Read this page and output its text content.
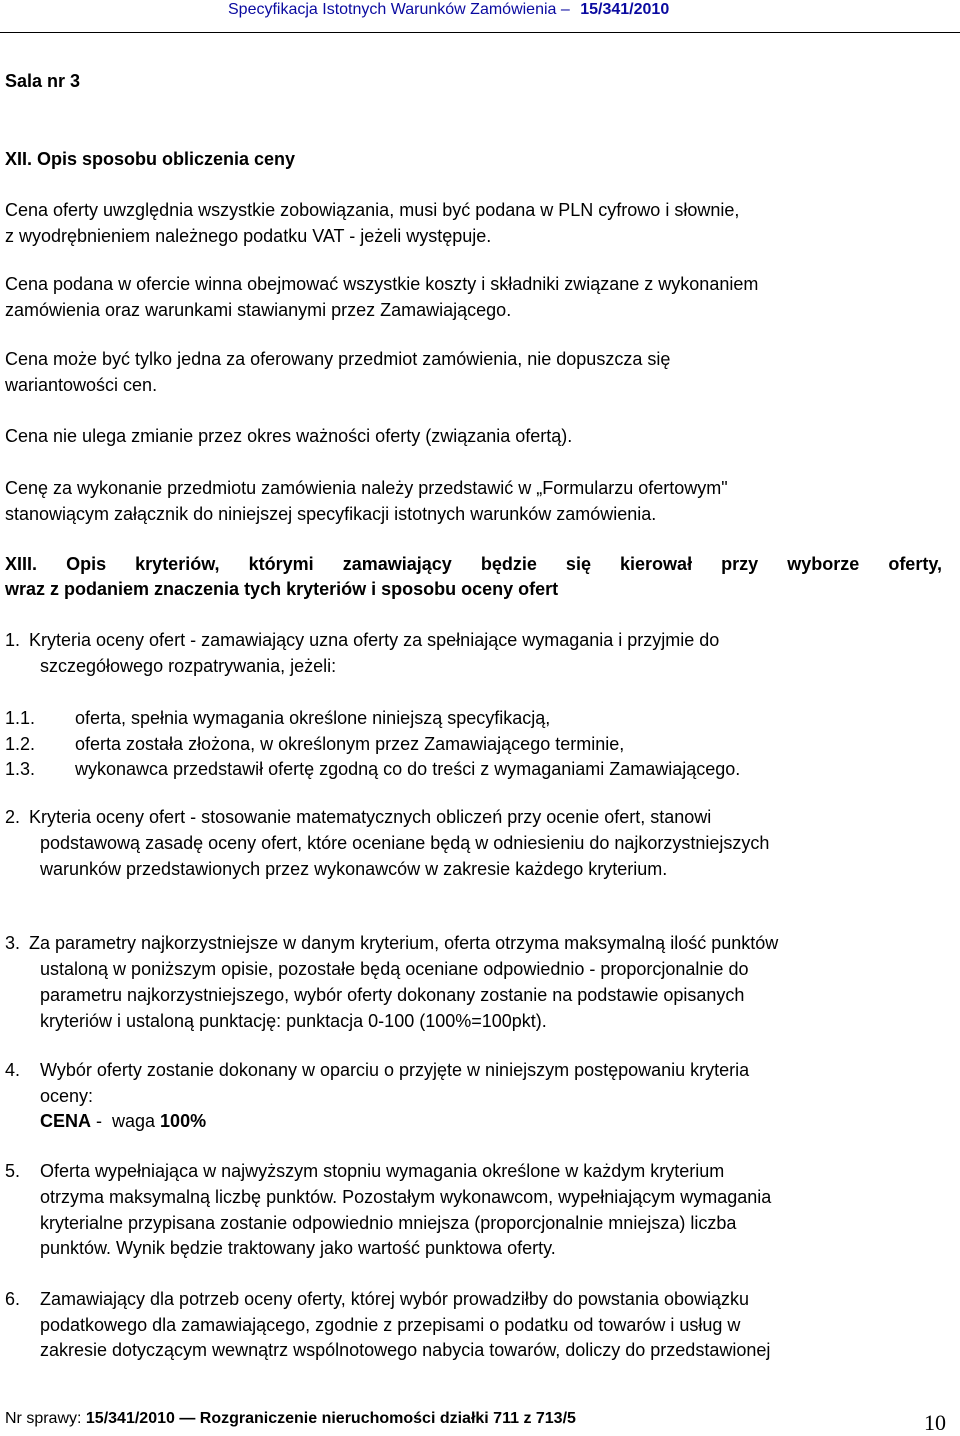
Specyfikacja Istotnych Warunków Zamówienia – 15/341/2010
Sala nr 3
XII. Opis sposobu obliczenia ceny
Cena oferty uwzględnia wszystkie zobowiązania, musi być podana w PLN cyfrowo i słownie,
z wyodrębnieniem należnego podatku VAT - jeżeli występuje.
Cena podana w ofercie winna obejmować wszystkie koszty i składniki związane z wykonaniem
zamówienia oraz warunkami stawianymi przez Zamawiającego.
Cena może być tylko jedna za oferowany przedmiot zamówienia, nie dopuszcza się
wariantowości cen.
Cena nie ulega zmianie przez okres ważności oferty (związania ofertą).
Cenę za wykonanie przedmiotu zamówienia należy przedstawić w „Formularzu ofertowym"
stanowiącym załącznik do niniejszej specyfikacji istotnych warunków zamówienia.
XIII. Opis kryteriów, którymi zamawiający będzie się kierował przy wyborze oferty,
wraz z podaniem znaczenia tych kryteriów i sposobu oceny ofert
1. Kryteria oceny ofert - zamawiający uzna oferty za spełniające wymagania i przyjmie do
szczegółowego rozpatrywania, jeżeli:
1.1. oferta, spełnia wymagania określone niniejszą specyfikacją,
1.2. oferta została złożona, w określonym przez Zamawiającego terminie,
1.3. wykonawca przedstawił ofertę zgodną co do treści z wymaganiami Zamawiającego.
2. Kryteria oceny ofert - stosowanie matematycznych obliczeń przy ocenie ofert, stanowi
podstawową zasadę oceny ofert, które oceniane będą w odniesieniu do najkorzystniejszych
warunków przedstawionych przez wykonawców w zakresie każdego kryterium.
3. Za parametry najkorzystniejsze w danym kryterium, oferta otrzyma maksymalną ilość punktów
ustaloną w poniższym opisie, pozostałe będą oceniane odpowiednio - proporcjonalnie do
parametru najkorzystniejszego, wybór oferty dokonany zostanie na podstawie opisanych
kryteriów i ustaloną punktację: punktacja 0-100 (100%=100pkt).
4. Wybór oferty zostanie dokonany w oparciu o przyjęte w niniejszym postępowaniu kryteria
oceny:
CENA -  waga 100%
5. Oferta wypełniająca w najwyższym stopniu wymagania określone w każdym kryterium
otrzyma maksymalną liczbę punktów. Pozostałym wykonawcom, wypełniającym wymagania
kryterialne przypisana zostanie odpowiednio mniejsza (proporcjonalnie mniejsza) liczba
punktów. Wynik będzie traktowany jako wartość punktowa oferty.
6. Zamawiający dla potrzeb oceny oferty, której wybór prowadziłby do powstania obowiązku
podatkowego dla zamawiającego, zgodnie z przepisami o podatku od towarów i usług w
zakresie dotyczącym wewnątrz wspólnotowego nabycia towarów, doliczy do przedstawionej
Nr sprawy: 15/341/2010 — Rozgraniczenie nieruchomości działki 711 z 713/5	10
